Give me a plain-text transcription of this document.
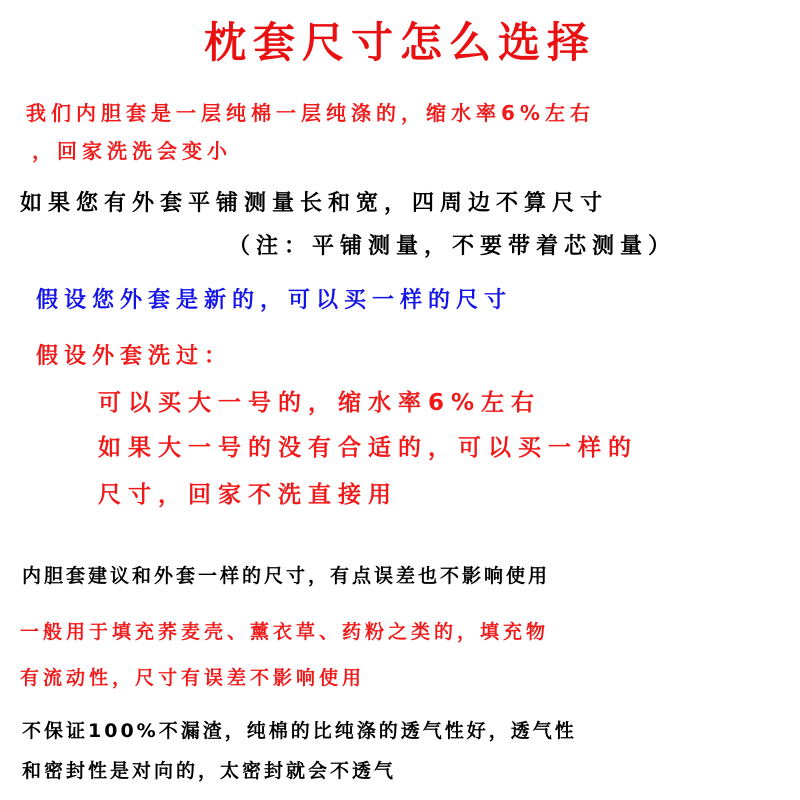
枕套尺寸怎么选择
我们内胆套是一层纯棉一层纯涤的，缩水率6%左右
，回家洗洗会变小
如果您有外套平铺测量长和宽，四周边不算尺寸
（注：平铺测量，不要带着芯测量）
假设您外套是新的，可以买一样的尺寸
假设外套洗过：
可以买大一号的，缩水率6%左右
如果大一号的没有合适的，可以买一样的
尺寸，回家不洗直接用
内胆套建议和外套一样的尺寸，有点误差也不影响使用
一般用于填充荞麦壳、薰衣草、药粉之类的，填充物
有流动性，尺寸有误差不影响使用
不保证100%不漏渣，纯棉的比纯涤的透气性好，透气性
和密封性是对向的，太密封就会不透气
